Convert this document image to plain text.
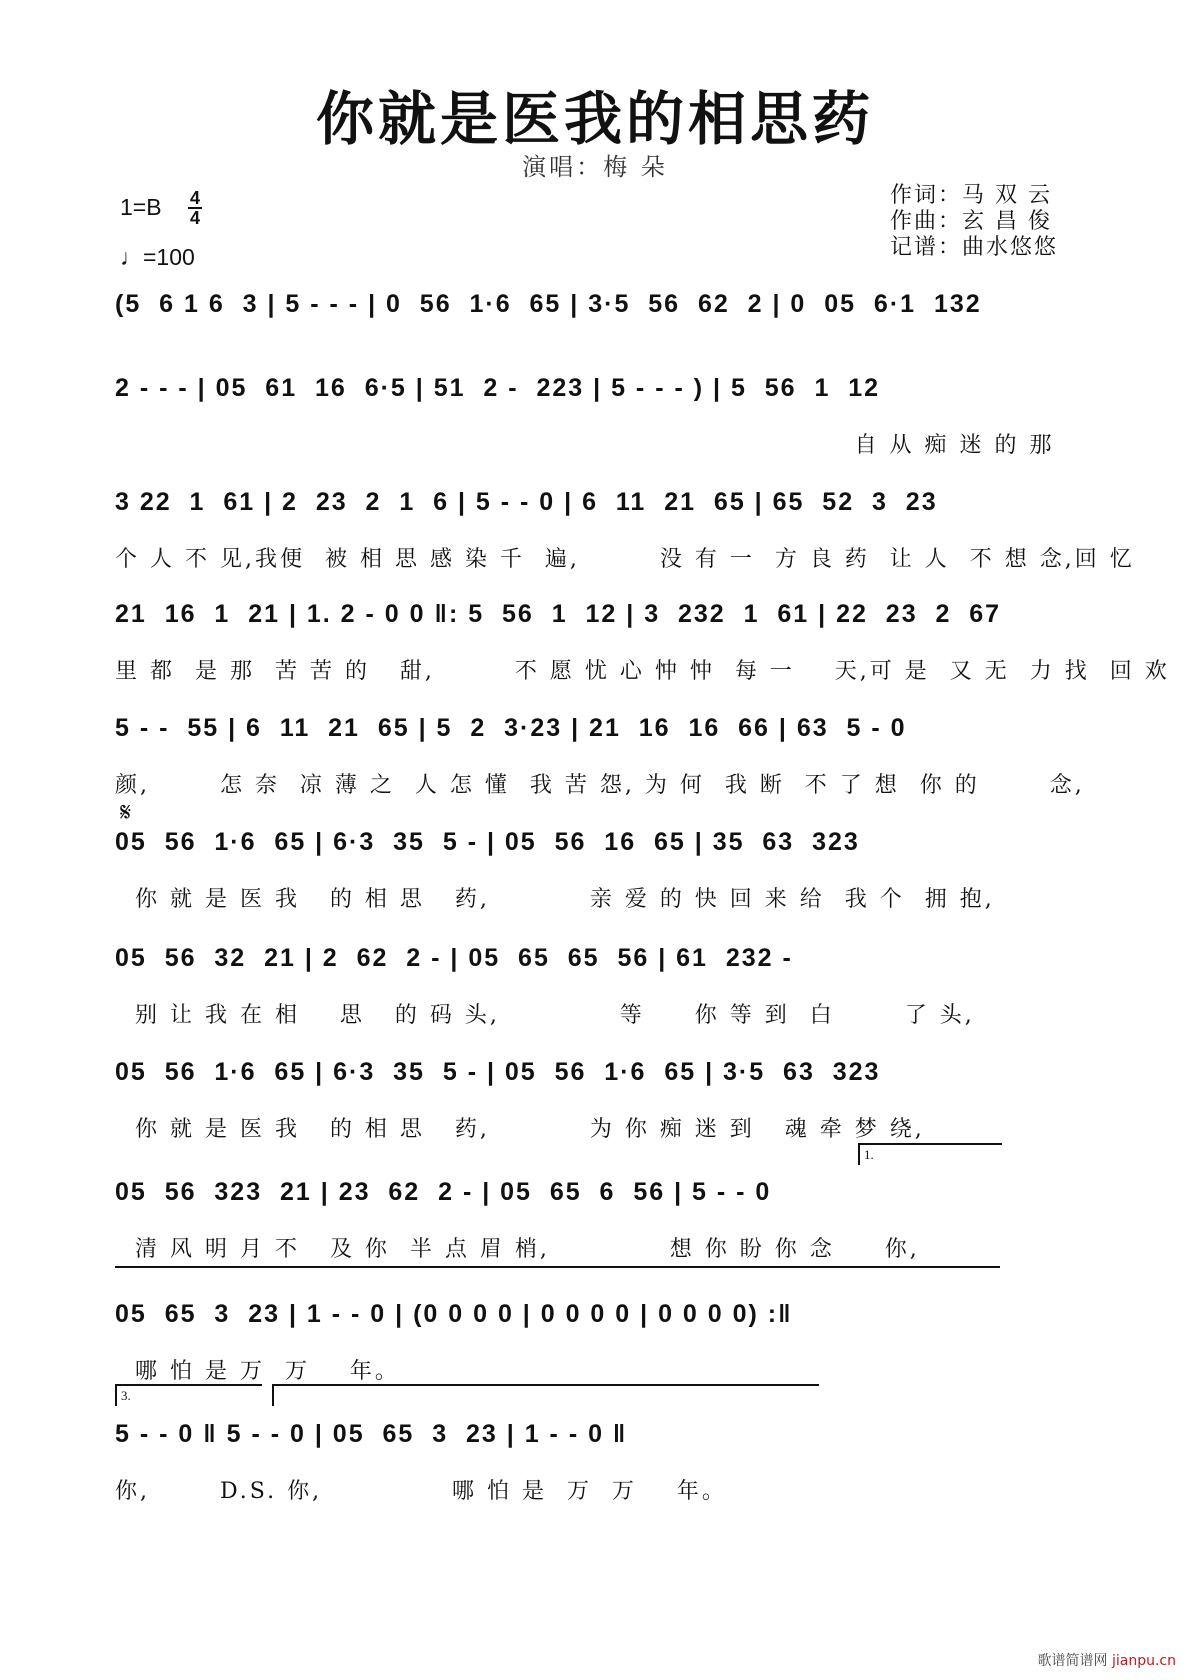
你就是医我的相思药
演唱：梅 朵
1=B 4
4
♩=100
作词：马 双 云
作曲：玄 昌 俊
记谱：曲水悠悠
𝄋
(5  6 1 6  3 | 5 - - - | 0  56  1·6  65 | 3·5  56  62  2 | 0  05  6·1  132
2 - - - | 05  61  16  6·5 | 51  2 -  223 | 5 - - - ) | 5  56  1  12
自 从 痴 迷 的 那
3 22  1  61 | 2  23  2  1  6 | 5 - - 0 | 6  11  21  65 | 65  52  3  23
个 人 不 见,我便  被 相 思 感 染 千  遍,        没 有 一  方 良 药  让 人  不 想 念,回 忆
21  16  1  21 | 1. 2 - 0 0 ‖: 5  56  1  12 | 3  232  1  61 | 22  23  2  67
里 都  是 那  苦 苦 的   甜,        不 愿 忧 心 忡 忡  每 一    天,可 是  又 无  力 找  回 欢
5 - -  55 | 6  11  21  65 | 5  2  3·23 | 21  16  16  66 | 63  5 - 0
颜,       怎 奈  凉 薄 之  人 怎 懂  我 苦 怨, 为 何  我 断  不 了 想  你 的       念,
05  56  1·6  65 | 6·3  35  5 - | 05  56  16  65 | 35  63  323
你 就 是 医 我   的 相 思   药,          亲 爱 的 快 回 来 给  我 个  拥 抱,
05  56  32  21 | 2  62  2 - | 05  65  65  56 | 61  232 -
别 让 我 在 相    思   的 码 头,            等     你 等 到  白       了 头,
05  56  1·6  65 | 6·3  35  5 - | 05  56  1·6  65 | 3·5  63  323
你 就 是 医 我   的 相 思   药,          为 你 痴 迷 到   魂 牵 梦 绕,
1.
05  56  323  21 | 23  62  2 - | 05  65  6  56 | 5 - - 0
清 风 明 月 不   及 你  半 点 眉 梢,            想 你 盼 你 念     你,
05  65  3  23 | 1 - - 0 | (0 0 0 0 | 0 0 0 0 | 0 0 0 0) :‖
哪 怕 是 万  万    年。
3.
5 - - 0 ‖ 5 - - 0 | 05  65  3  23 | 1 - - 0 ‖
你,       D.S. 你,             哪 怕 是  万  万    年。
歌谱简谱网 jianpu.cn
